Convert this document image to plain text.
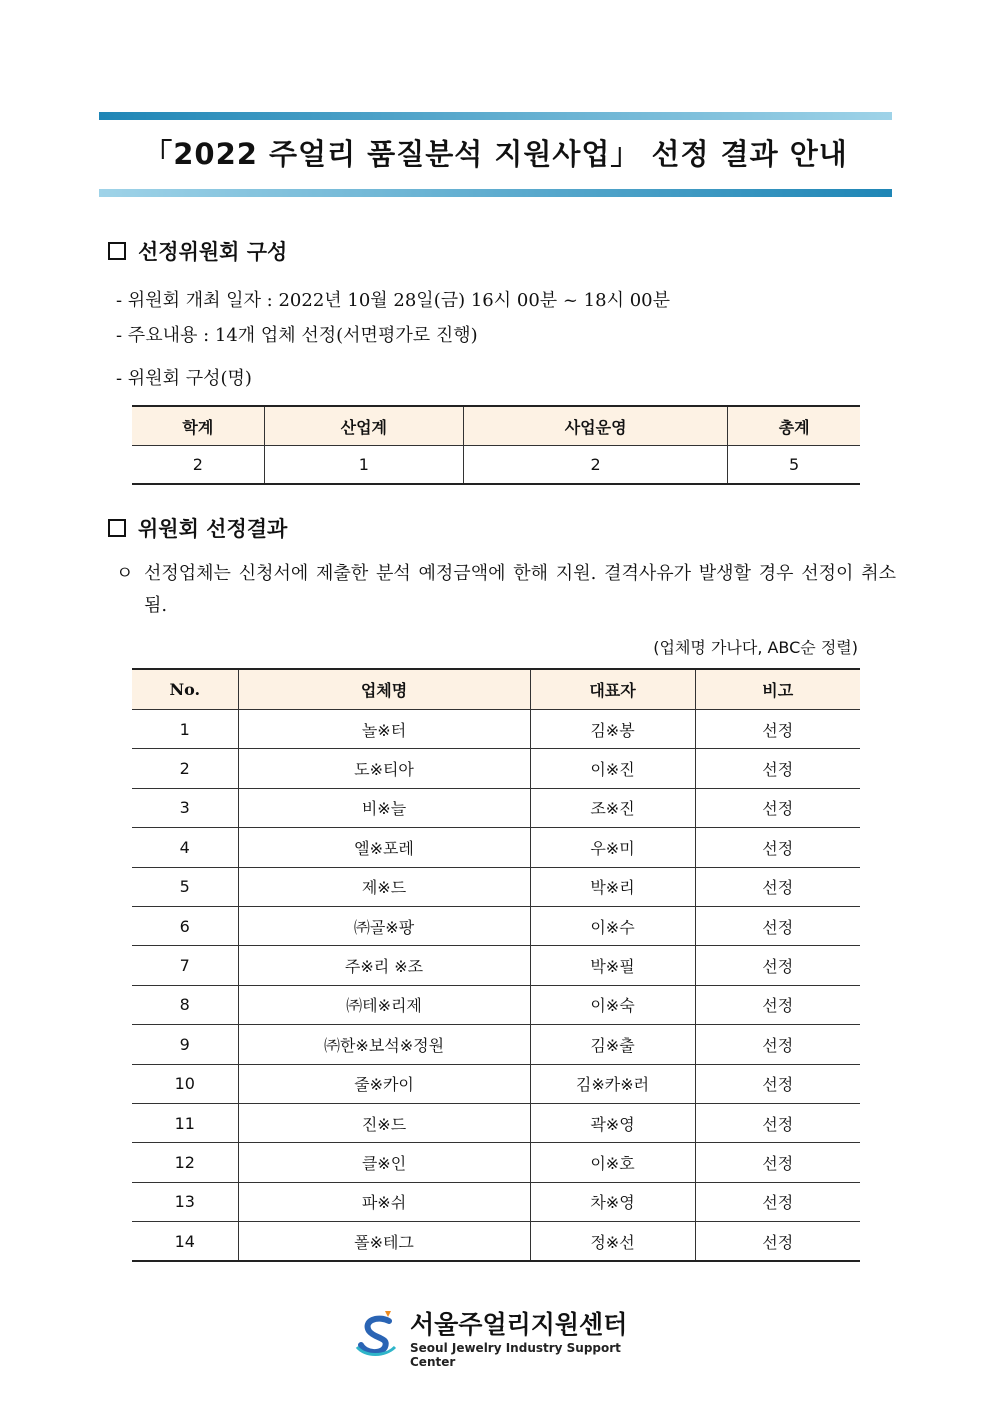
「2022 주얼리 품질분석 지원사업」 선정 결과 안내
선정위원회 구성
- 위원회 개최 일자 : 2022년 10월 28일(금) 16시 00분 ~ 18시 00분
- 주요내용 : 14개 업체 선정(서면평가로 진행)
- 위원회 구성(명)
학계	산업계	사업운영	총계
2	1	2	5
위원회 선정결과
ㅇ 선정업체는 신청서에 제출한 분석 예정금액에 한해 지원. 결격사유가 발생할 경우 선정이 취소됨.
(업체명 가나다, ABC순 정렬)
No.	업체명	대표자	비고
1	놀※터	김※봉	선정
2	도※티아	이※진	선정
3	비※늘	조※진	선정
4	엘※포레	우※미	선정
5	제※드	박※리	선정
6	㈜골※팡	이※수	선정
7	주※리 ※조	박※필	선정
8	㈜테※리제	이※숙	선정
9	㈜한※보석※정원	김※출	선정
10	줄※카이	김※카※러	선정
11	진※드	곽※영	선정
12	클※인	이※호	선정
13	파※쉬	차※영	선정
14	폴※테그	정※선	선정
서울주얼리지원센터
Seoul Jewelry Industry Support Center
